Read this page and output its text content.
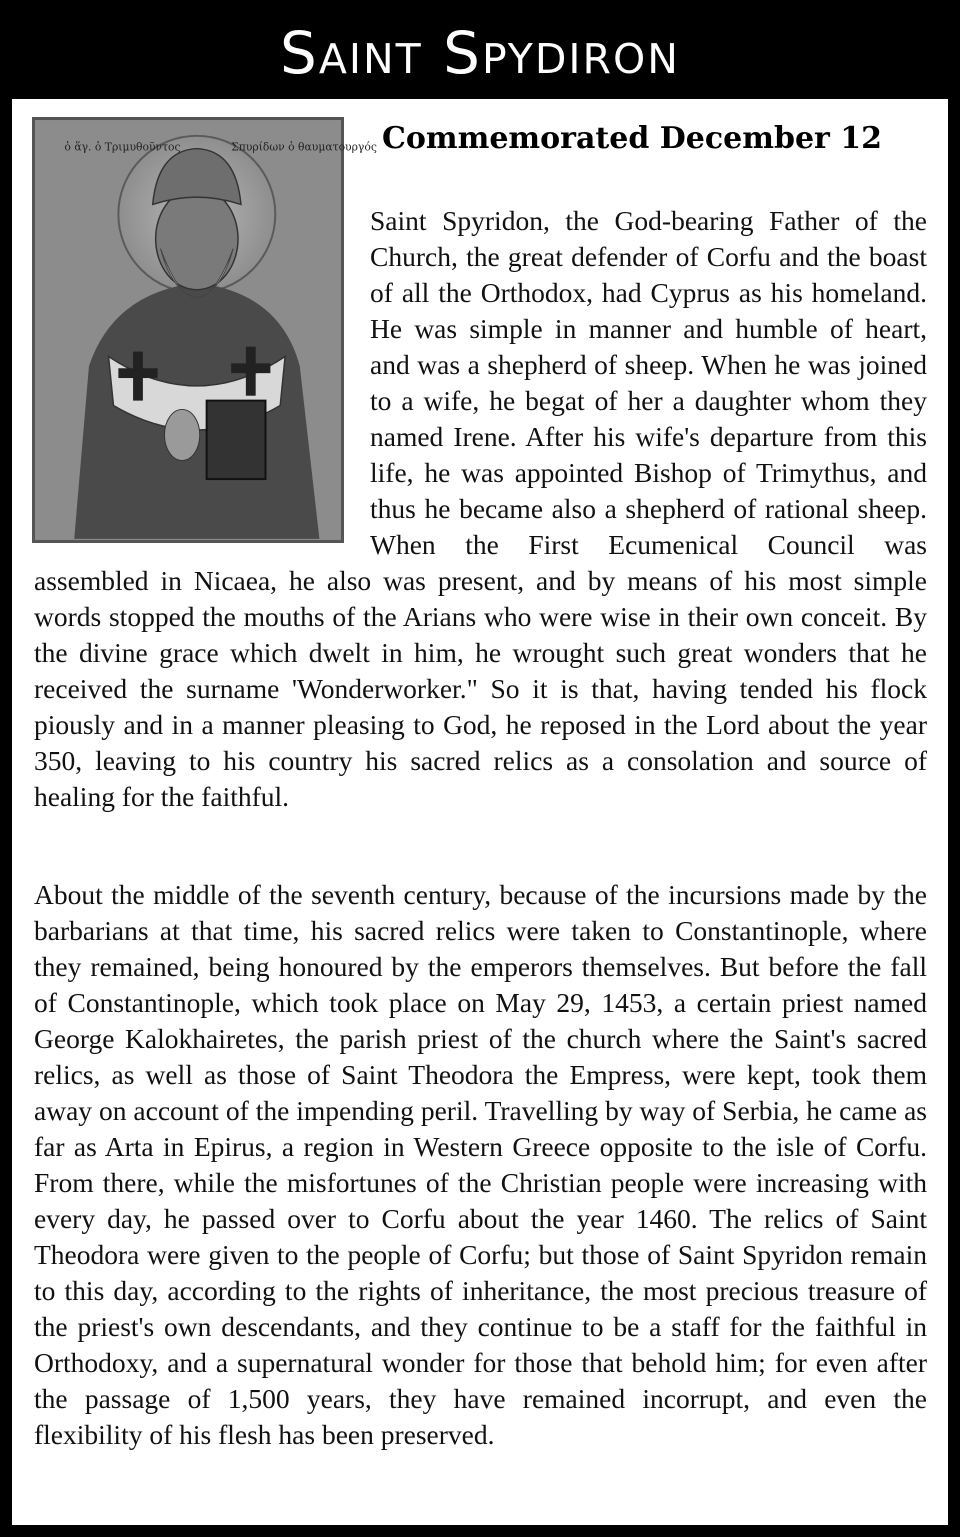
Saint Spydiron
ὁ ἅγ. ὁ Τριμυθοῦντος	Σπυρίδων ὁ θαυματουργός Commemorated December 12
Saint Spyridon, the God-bearing Father of the Church, the great defender of Corfu and the boast of all the Orthodox, had Cyprus as his homeland. He was simple in manner and humble of heart, and was a shepherd of sheep. When he was joined to a wife, he begat of her a daughter whom they named Irene. After his wife's departure from this life, he was appointed Bishop of Trimythus, and thus he became also a shepherd of rational sheep. When the First Ecumenical Council was assembled in Nicaea, he also was present, and by means of his most simple words stopped the mouths of the Arians who were wise in their own conceit. By the divine grace which dwelt in him, he wrought such great wonders that he received the surname 'Wonderworker." So it is that, having tended his flock piously and in a manner pleasing to God, he reposed in the Lord about the year 350, leaving to his country his sacred relics as a consolation and source of healing for the faithful.

About the middle of the seventh century, because of the incursions made by the barbarians at that time, his sacred relics were taken to Constantinople, where they remained, being honoured by the emperors themselves. But before the fall of Constantinople, which took place on May 29, 1453, a certain priest named George Kalokhairetes, the parish priest of the church where the Saint's sacred relics, as well as those of Saint Theodora the Empress, were kept, took them away on account of the impending peril. Travelling by way of Serbia, he came as far as Arta in Epirus, a region in Western Greece opposite to the isle of Corfu. From there, while the misfortunes of the Christian people were increasing with every day, he passed over to Corfu about the year 1460. The relics of Saint Theodora were given to the people of Corfu; but those of Saint Spyridon remain to this day, according to the rights of inheritance, the most precious treasure of the priest's own descendants, and they continue to be a staff for the faithful in Orthodoxy, and a supernatural wonder for those that behold him; for even after the passage of 1,500 years, they have remained incorrupt, and even the flexibility of his flesh has been preserved.
